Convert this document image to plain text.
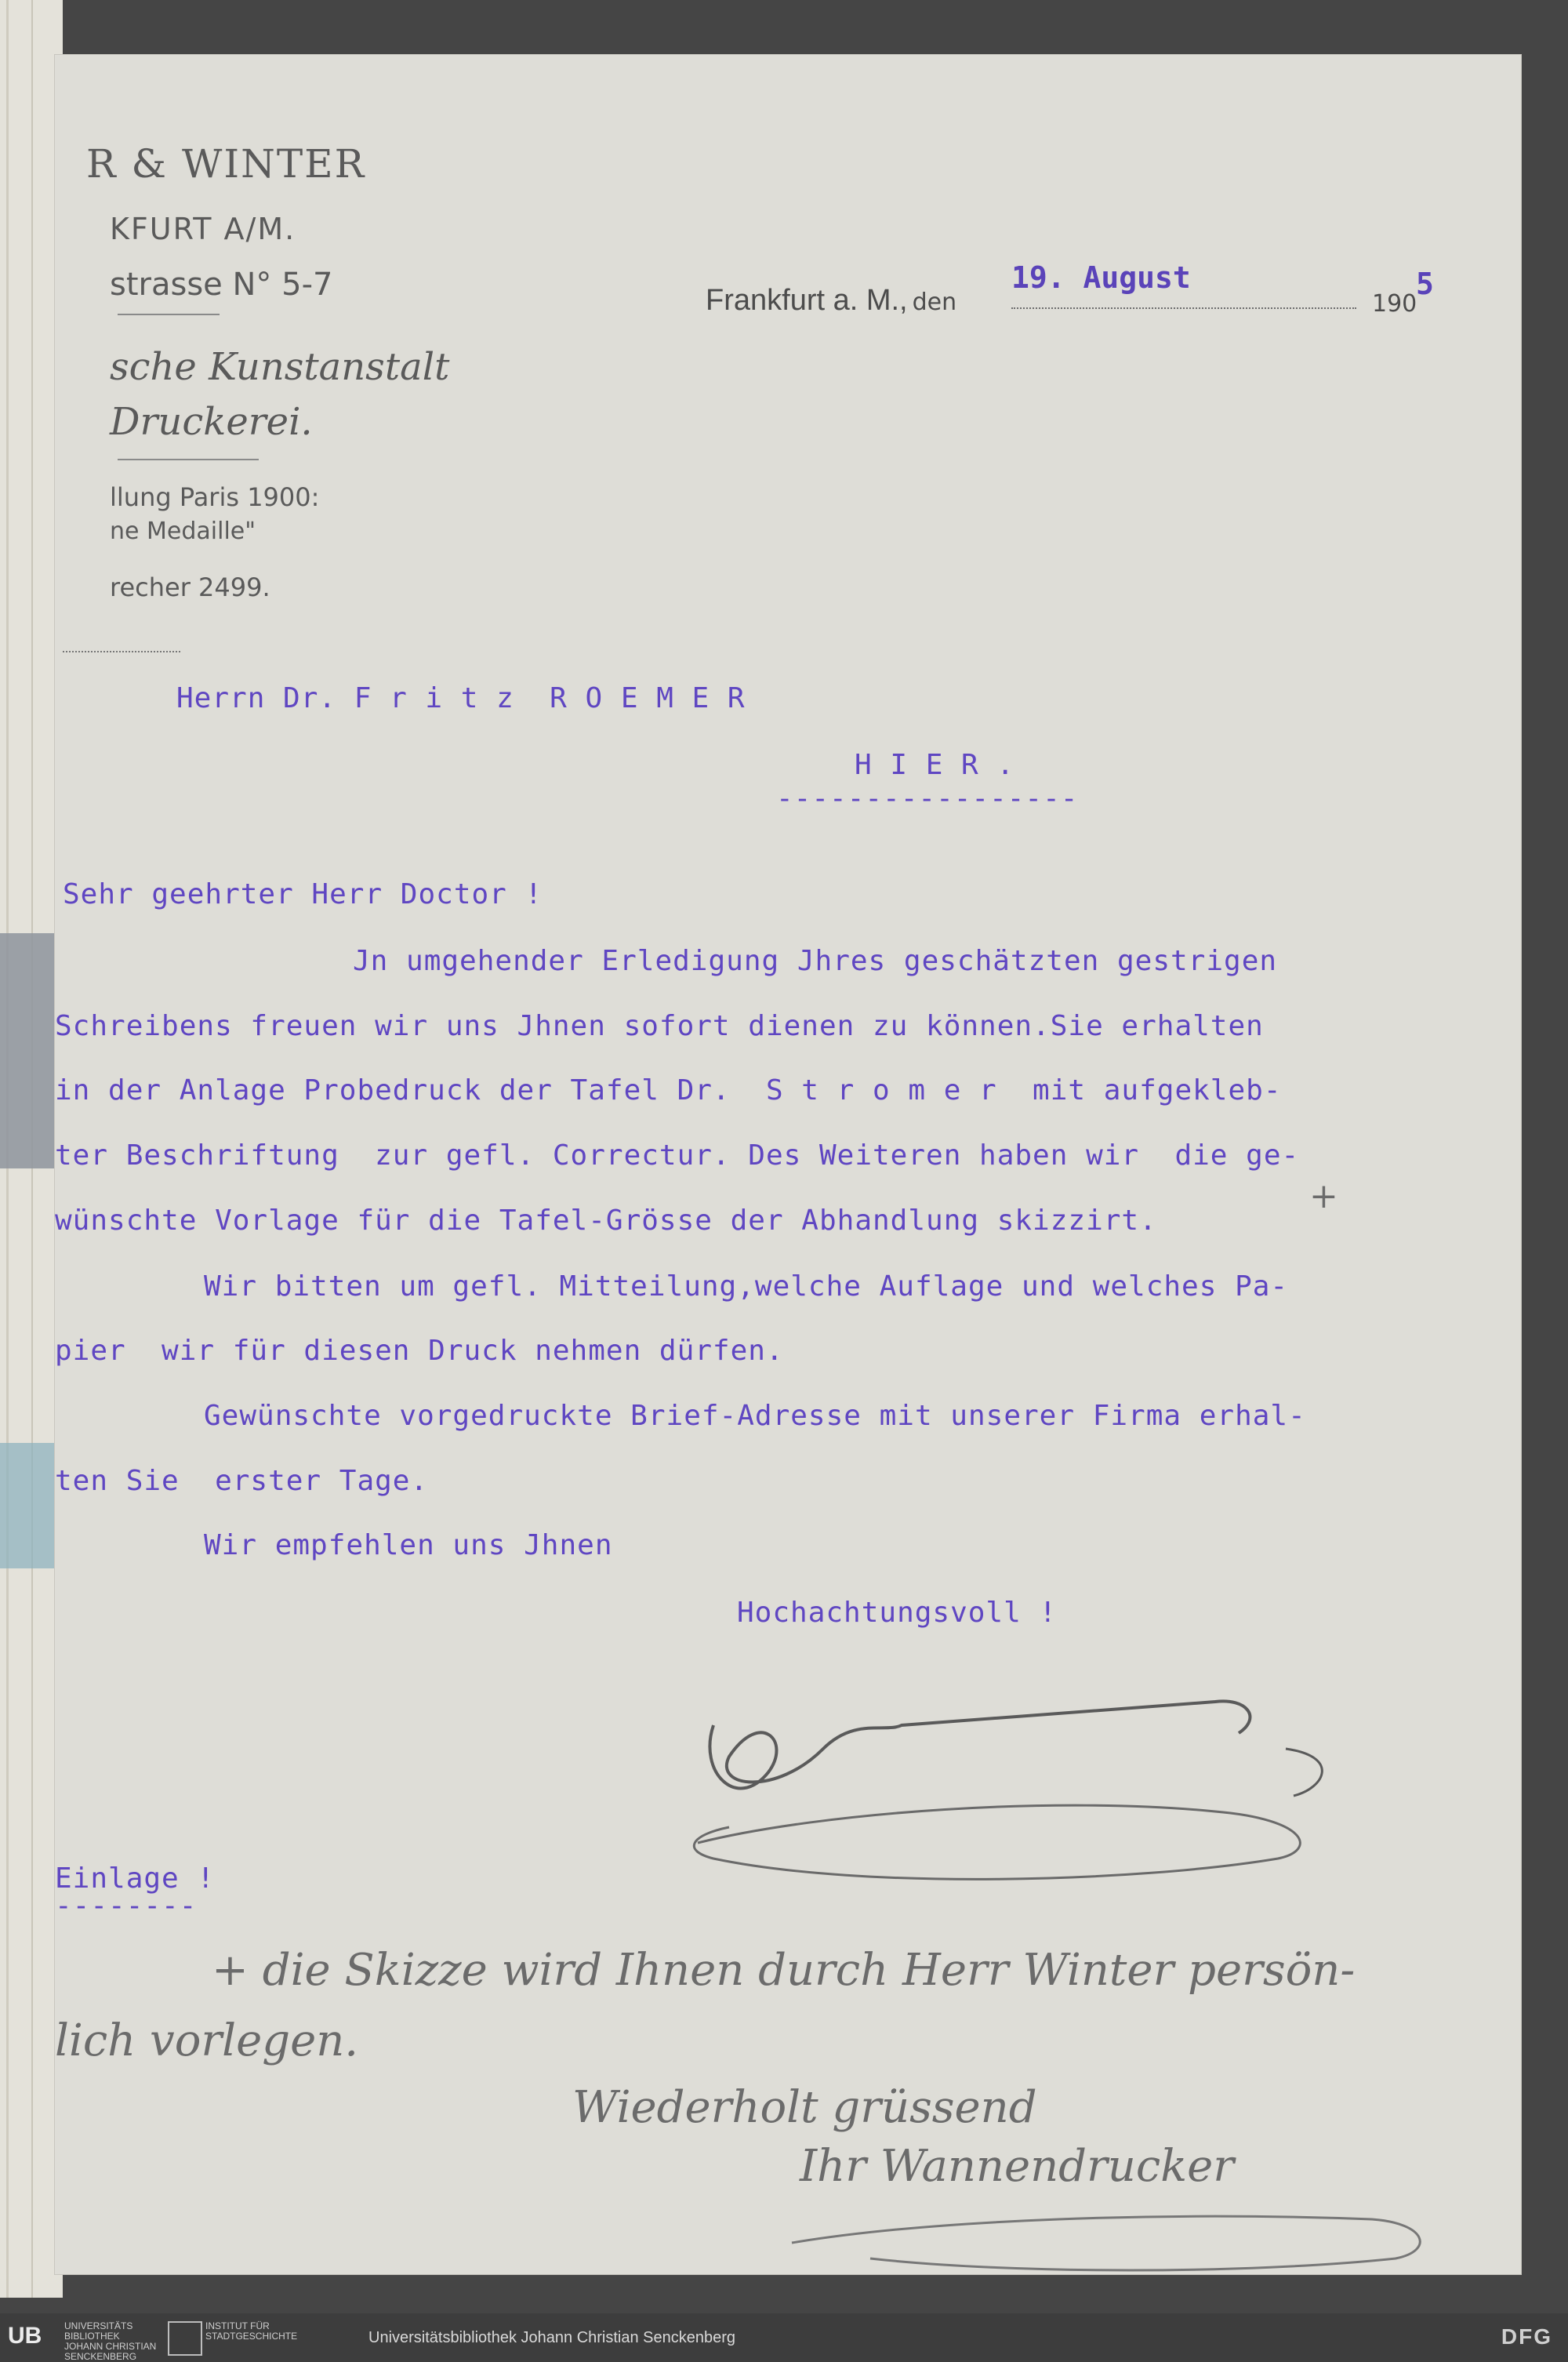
R & WINTER
KFURT A/M.
strasse N° 5-7
sche Kunstanstalt
Druckerei.
llung Paris 1900:
ne Medaille"
recher 2499.
Frankfurt a. M., den
19. August
190
5
Herrn Dr. F r i t z  R O E M E R
H I E R .
-----------------
Sehr geehrter Herr Doctor !
Jn umgehender Erledigung Jhres geschätzten gestrigen
Schreibens freuen wir uns Jhnen sofort dienen zu können.Sie erhalten
in der Anlage Probedruck der Tafel Dr.  S t r o m e r  mit aufgekleb-
ter Beschriftung  zur gefl. Correctur. Des Weiteren haben wir  die ge-
wünschte Vorlage für die Tafel-Grösse der Abhandlung skizzirt.
+
Wir bitten um gefl. Mitteilung,welche Auflage und welches Pa-
pier  wir für diesen Druck nehmen dürfen.
Gewünschte vorgedruckte Brief-Adresse mit unserer Firma erhal-
ten Sie  erster Tage.
Wir empfehlen uns Jhnen
Hochachtungsvoll !
Einlage !
--------
+ die Skizze wird Ihnen durch Herr Winter persön-
lich vorlegen.
Wiederholt grüssend
Ihr Wannendrucker
UB UNIVERSITÄTS BIBLIOTHEK JOHANN CHRISTIAN SENCKENBERG
INSTITUT FÜR STADTGESCHICHTE	Universitätsbibliothek Johann Christian Senckenberg	DFG
